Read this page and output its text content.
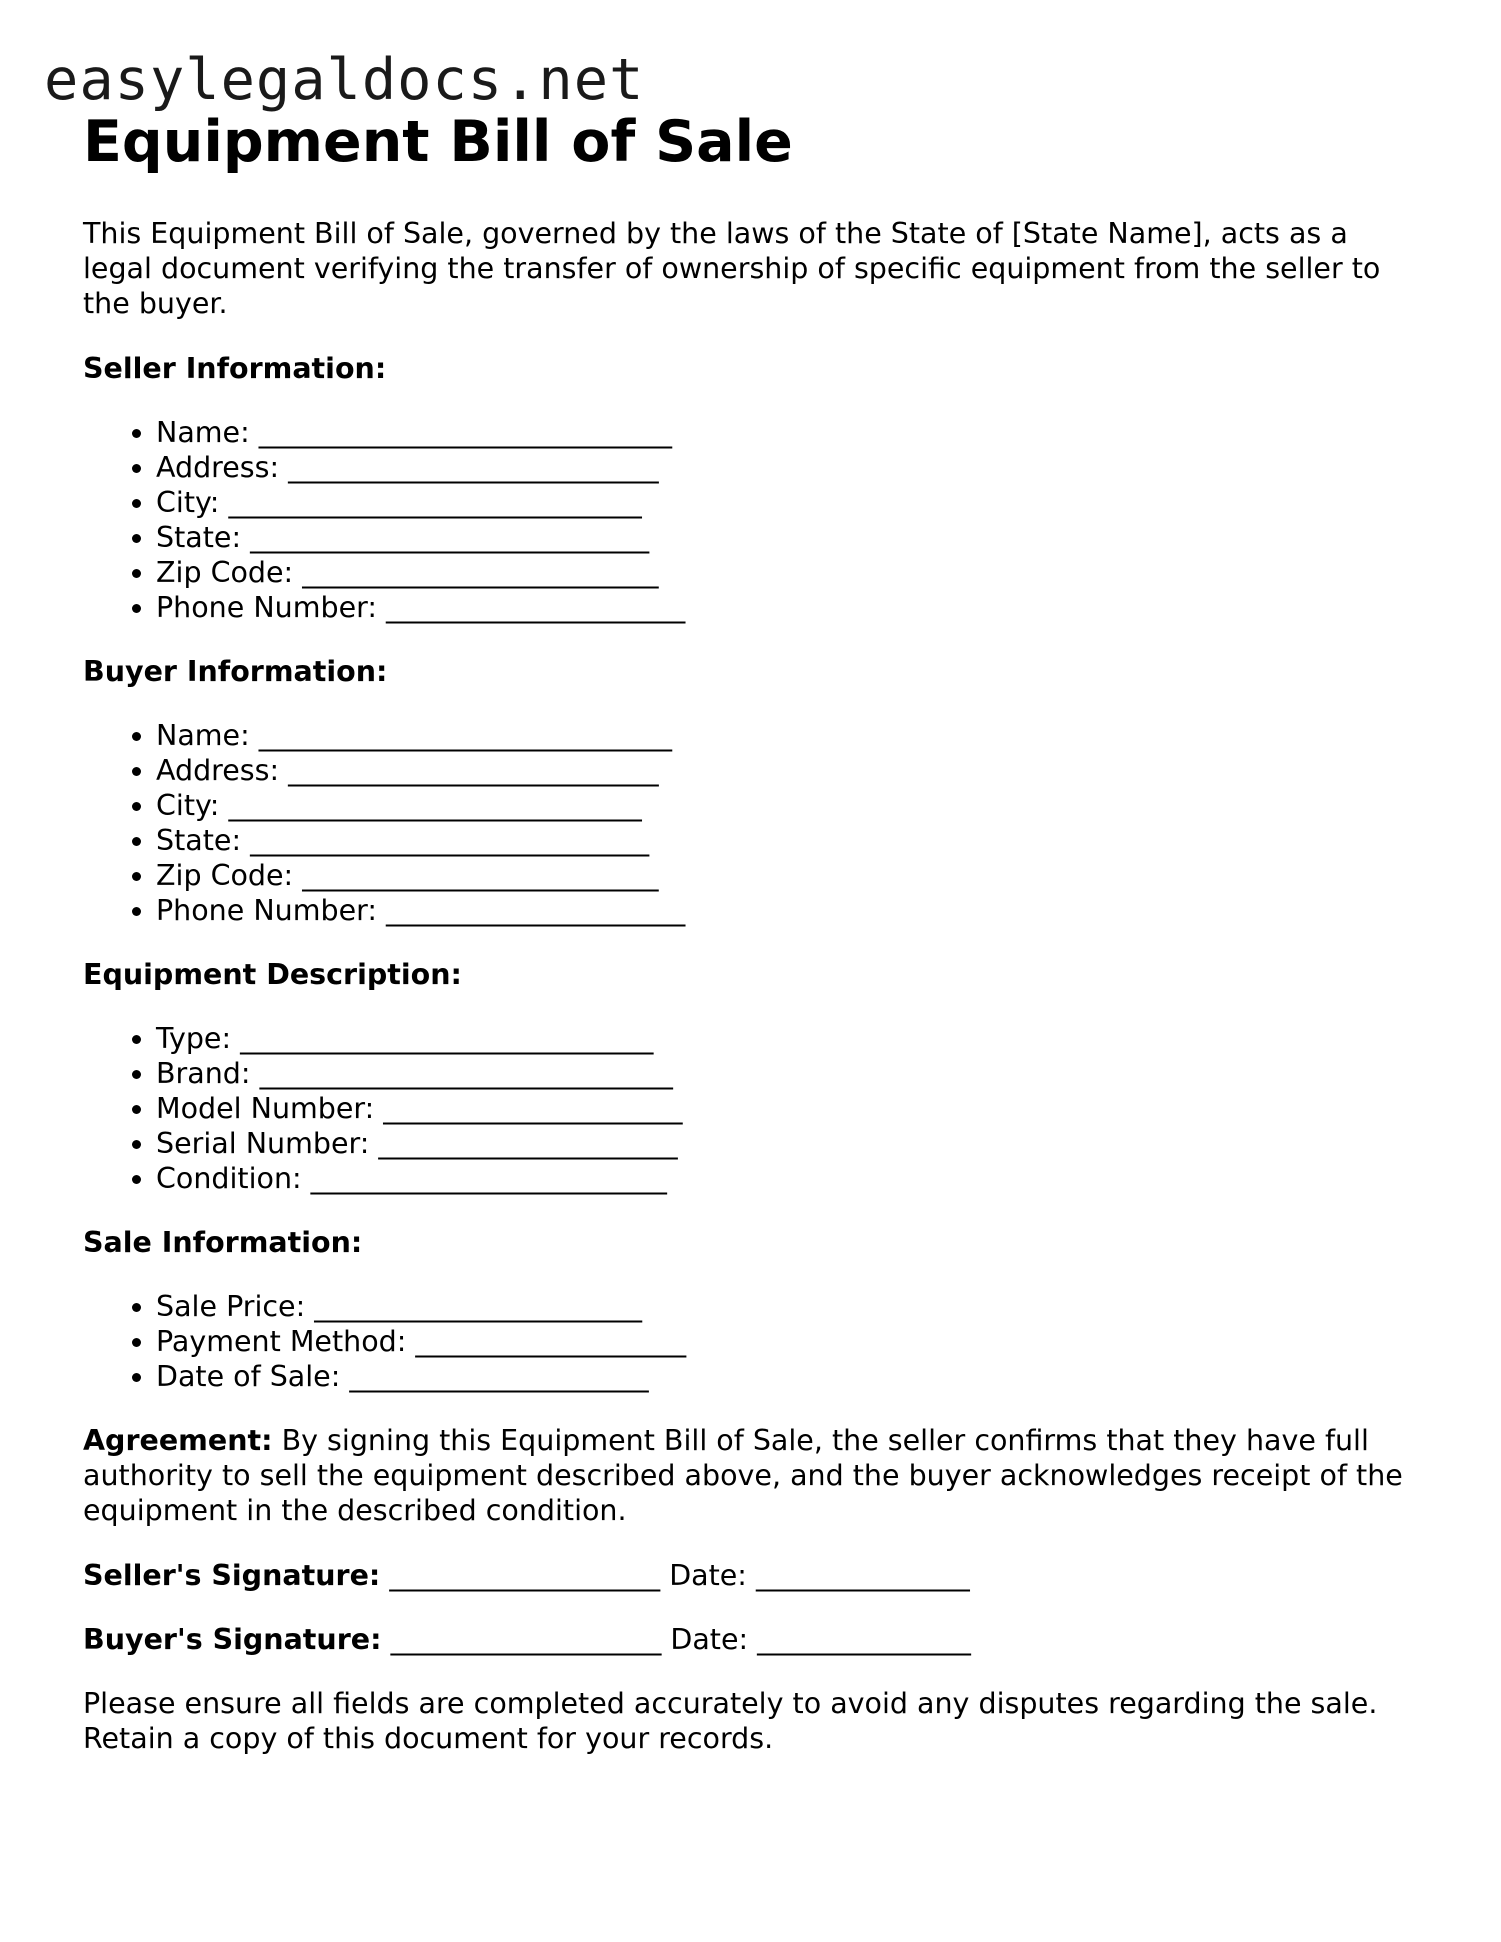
easylegaldocs.net
Equipment Bill of Sale

This Equipment Bill of Sale, governed by the laws of the State of [State Name], acts as a legal document verifying the transfer of ownership of specific equipment from the seller to the buyer.

Seller Information:
• Name: _____________________________
• Address: __________________________
• City: _____________________________
• State: ____________________________
• Zip Code: _________________________
• Phone Number: _____________________
Buyer Information:
• Name: _____________________________
• Address: __________________________
• City: _____________________________
• State: ____________________________
• Zip Code: _________________________
• Phone Number: _____________________
Equipment Description:
• Type: _____________________________
• Brand: _____________________________
• Model Number: _____________________
• Serial Number: _____________________
• Condition: _________________________
Sale Information:
• Sale Price: _______________________
• Payment Method: ___________________
• Date of Sale: _____________________

Agreement: By signing this Equipment Bill of Sale, the seller confirms that they have full authority to sell the equipment described above, and the buyer acknowledges receipt of the equipment in the described condition.

Seller's Signature: ___________________ Date: _______________
Buyer's Signature: ___________________ Date: _______________

Please ensure all fields are completed accurately to avoid any disputes regarding the sale. Retain a copy of this document for your records.
